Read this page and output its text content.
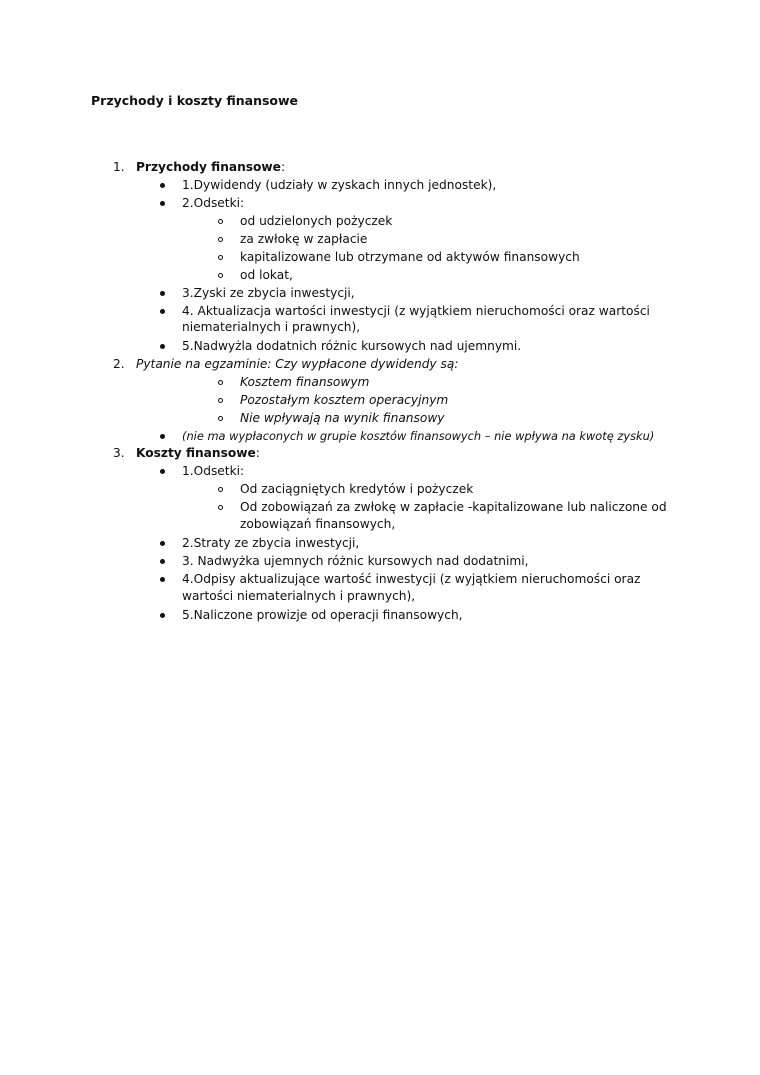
Przychody i koszty finansowe
1. Przychody finansowe:
1.Dywidendy (udziały w zyskach innych jednostek),
2.Odsetki:
od udzielonych pożyczek
za zwłokę w zapłacie
kapitalizowane lub otrzymane od aktywów finansowych
od lokat,
3.Zyski ze zbycia inwestycji,
4. Aktualizacja wartości inwestycji (z wyjątkiem nieruchomości oraz wartości
niematerialnych i prawnych),
5.Nadwyżla dodatnich różnic kursowych nad ujemnymi.
2. Pytanie na egzaminie: Czy wypłacone dywidendy są:
Kosztem finansowym
Pozostałym kosztem operacyjnym
Nie wpływają na wynik finansowy
(nie ma wypłaconych w grupie kosztów finansowych – nie wpływa na kwotę zysku)
3. Koszty finansowe:
1.Odsetki:
Od zaciągniętych kredytów i pożyczek
Od zobowiązań za zwłokę w zapłacie -kapitalizowane lub naliczone od
zobowiązań finansowych,
2.Straty ze zbycia inwestycji,
3. Nadwyżka ujemnych różnic kursowych nad dodatnimi,
4.Odpisy aktualizujące wartość inwestycji (z wyjątkiem nieruchomości oraz
wartości niematerialnych i prawnych),
5.Naliczone prowizje od operacji finansowych,
